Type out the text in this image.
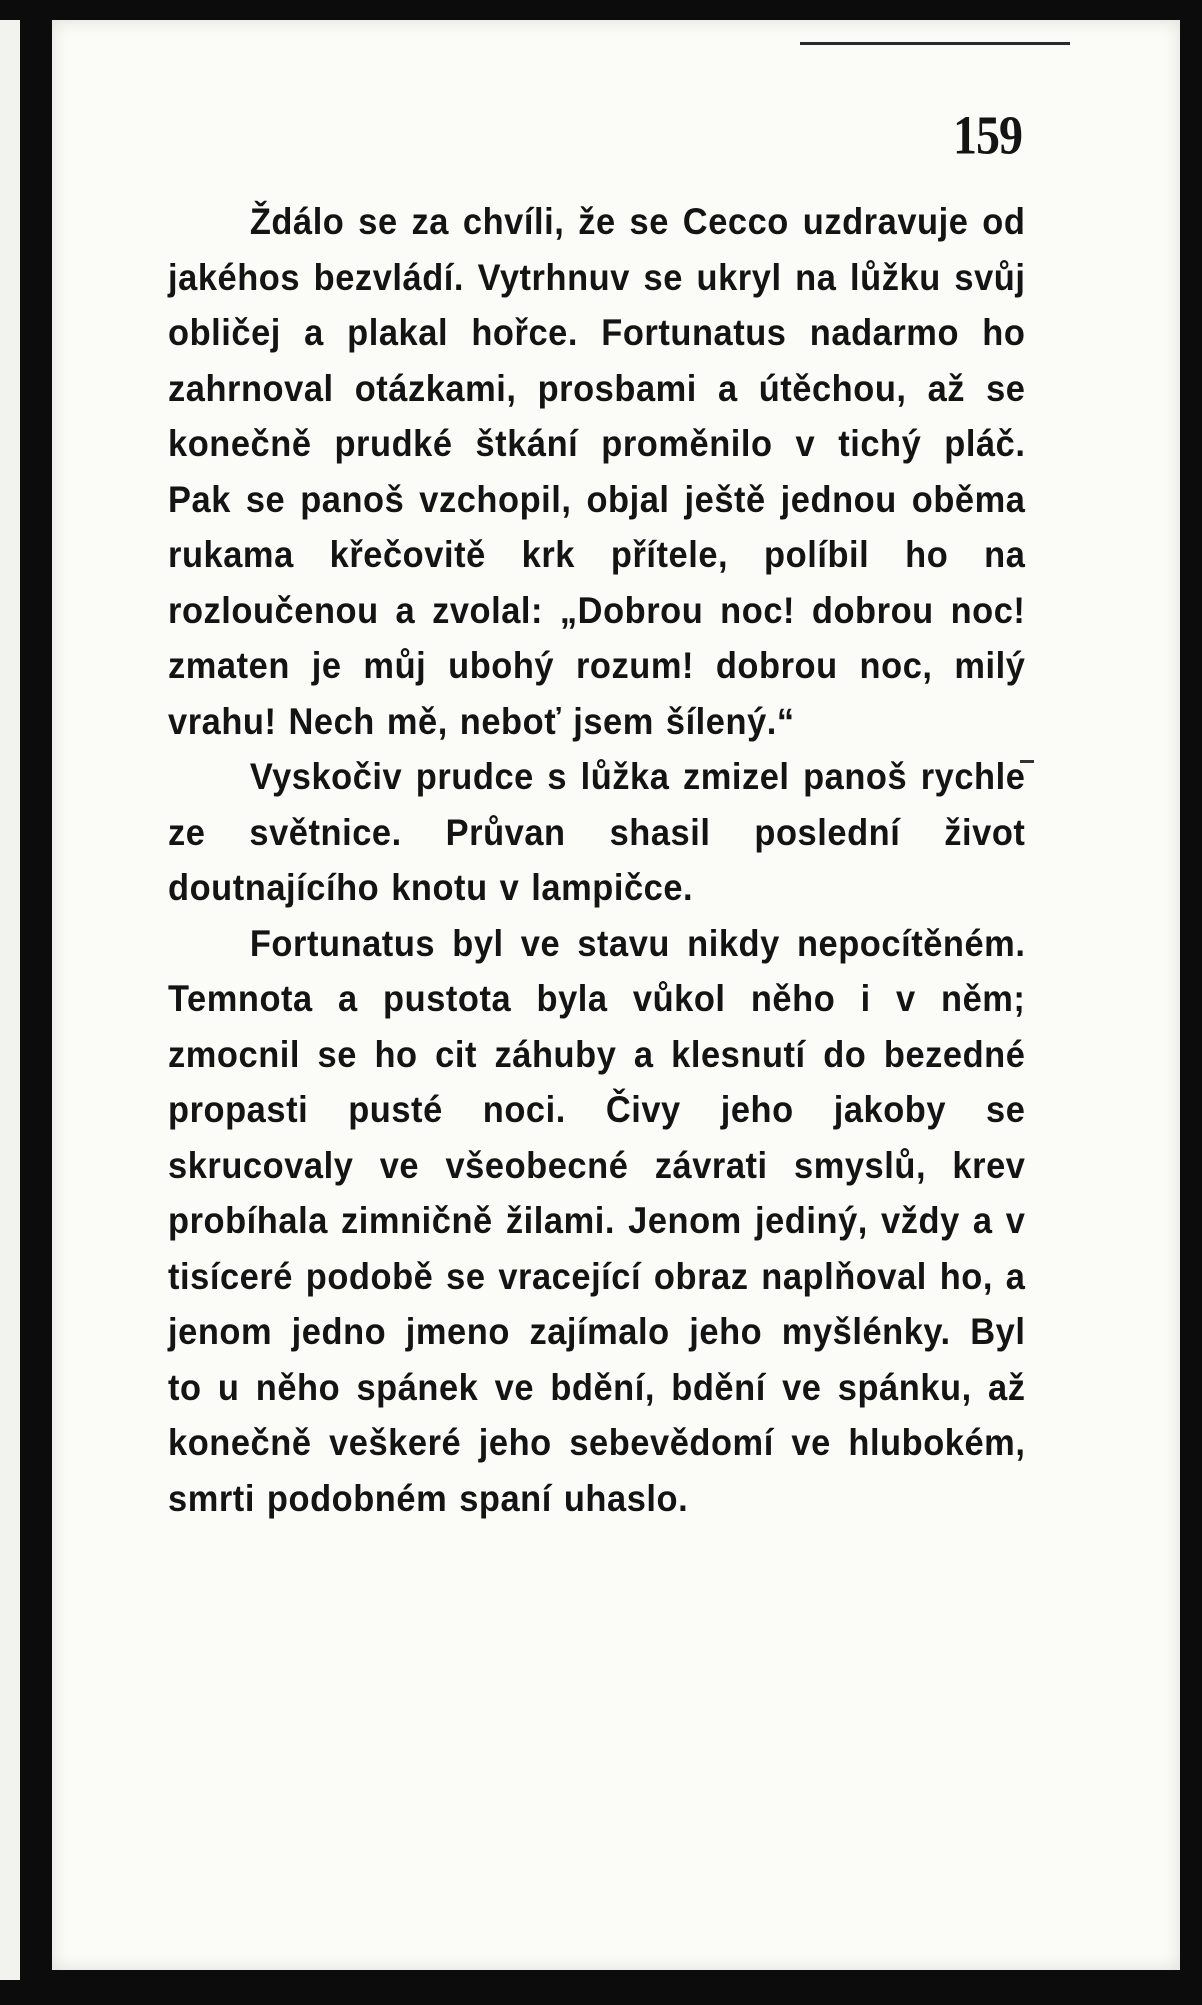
159

Ždálo se za chvíli, že se Cecco uzdravuje od jakéhos bezvládí. Vytrhnuv se ukryl na lůžku svůj obličej a plakal hořce. Fortunatus nadarmo ho zahrnoval otázkami, prosbami a útěchou, až se konečně prudké štkání proměnilo v tichý pláč. Pak se panoš vzchopil, objal ještě jednou oběma rukama křečovitě krk přítele, políbil ho na rozloučenou a zvolal: „Dobrou noc! dobrou noc! zmaten je můj ubohý rozum! dobrou noc, milý vrahu! Nech mě, neboť jsem šílený.“

Vyskočiv prudce s lůžka zmizel panoš rychle ze světnice. Průvan shasil poslední život doutnajícího knotu v lampičce.

Fortunatus byl ve stavu nikdy nepocítěném. Temnota a pustota byla vůkol něho i v něm; zmocnil se ho cit záhuby a klesnutí do bezedné propasti pusté noci. Čivy jeho jakoby se skrucovaly ve všeobecné závrati smyslů, krev probíhala zimničně žilami. Jenom jediný, vždy a v tisíceré podobě se vracející obraz naplňoval ho, a jenom jedno jmeno zajímalo jeho myšlénky. Byl to u něho spánek ve bdění, bdění ve spánku, až konečně veškeré jeho sebevědomí ve hlubokém, smrti podobném spaní uhaslo.
